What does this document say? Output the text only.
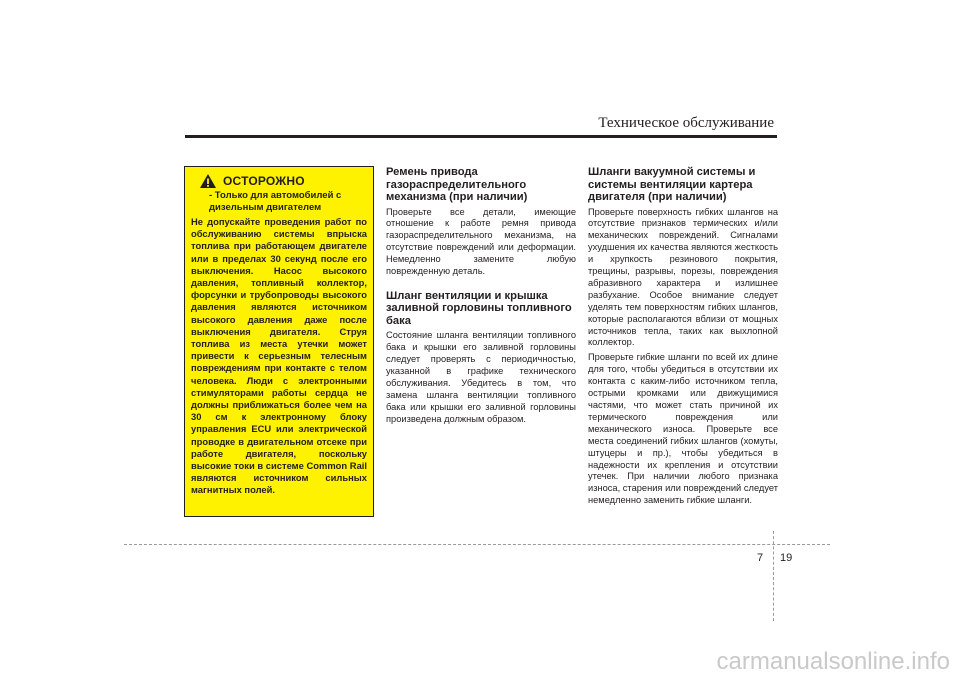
Техническое обслуживание
ОСТОРОЖНО
- Только для автомобилей с дизельным двигателем

Не допускайте проведения работ по обслуживанию системы впрыска топлива при работающем двигателе или в пределах 30 секунд после его выключения. Насос высокого давления, топливный коллектор, форсунки и трубопроводы высокого давления являются источником высокого давления даже после выключения двигателя. Струя топлива из места утечки может привести к серьезным телесным повреждениям при контакте с телом человека. Люди с электронными стимуляторами работы сердца не должны приближаться более чем на 30 см к электронному блоку управления ECU или электрической проводке в двигательном отсеке при работе двигателя, поскольку высокие токи в системе Common Rail являются источником сильных магнитных полей.

Ремень привода газораспределительного механизма (при наличии)

Проверьте все детали, имеющие отношение к работе ремня привода газораспределительного механизма, на отсутствие повреждений или деформации. Немедленно замените любую поврежденную деталь.

Шланг вентиляции и крышка заливной горловины топливного бака

Состояние шланга вентиляции топливного бака и крышки его заливной горловины следует проверять с периодичностью, указанной в графике технического обслуживания. Убедитесь в том, что замена шланга вентиляции топливного бака или крышки его заливной горловины произведена должным образом.

Шланги вакуумной системы и системы вентиляции картера двигателя (при наличии)

Проверьте поверхность гибких шлангов на отсутствие признаков термических и/или механических повреждений. Сигналами ухудшения их качества являются жесткость и хрупкость резинового покрытия, трещины, разрывы, порезы, повреждения абразивного характера и излишнее разбухание. Особое внимание следует уделять тем поверхностям гибких шлангов, которые располагаются вблизи от мощных источников тепла, таких как выхлопной коллектор.

Проверьте гибкие шланги по всей их длине для того, чтобы убедиться в отсутствии их контакта с каким-либо источником тепла, острыми кромками или движущимися частями, что может стать причиной их термического повреждения или механического износа. Проверьте все места соединений гибких шлангов (хомуты, штуцеры и пр.), чтобы убедиться в надежности их крепления и отсутствии утечек. При наличии любого признака износа, старения или повреждений следует немедленно заменить гибкие шланги.

7 19
carmanualsonline.info
